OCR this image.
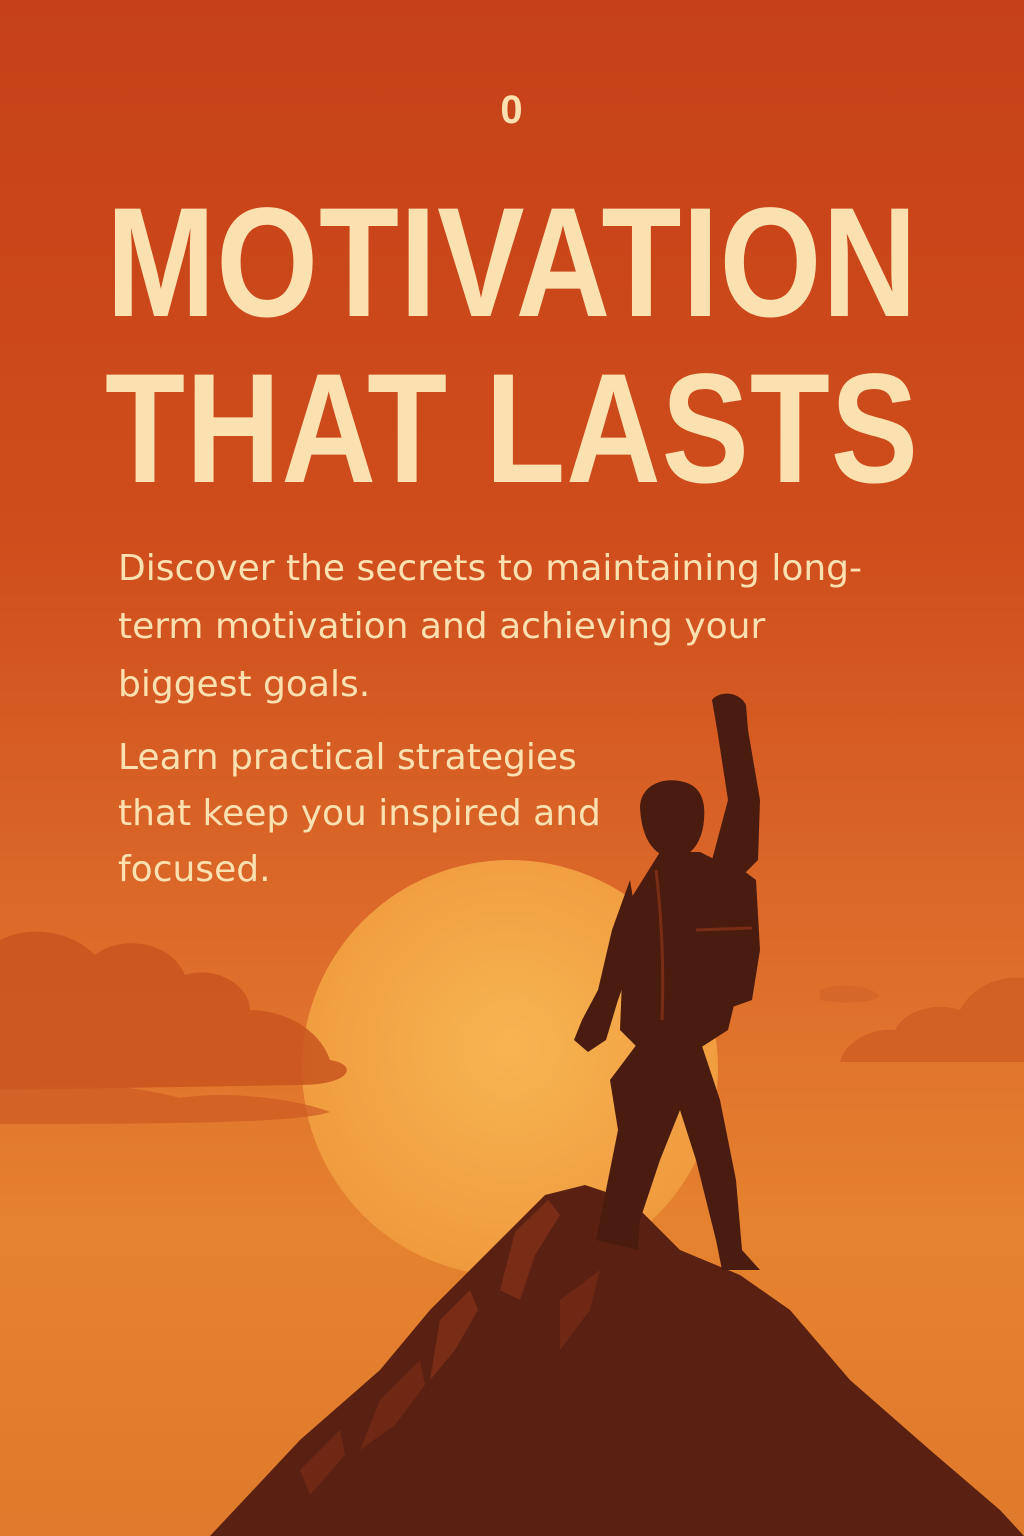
0
MOTIVATION
THAT LASTS

Discover the secrets to maintaining long-term motivation and achieving your biggest goals.

Learn practical strategies that keep you inspired and focused.
